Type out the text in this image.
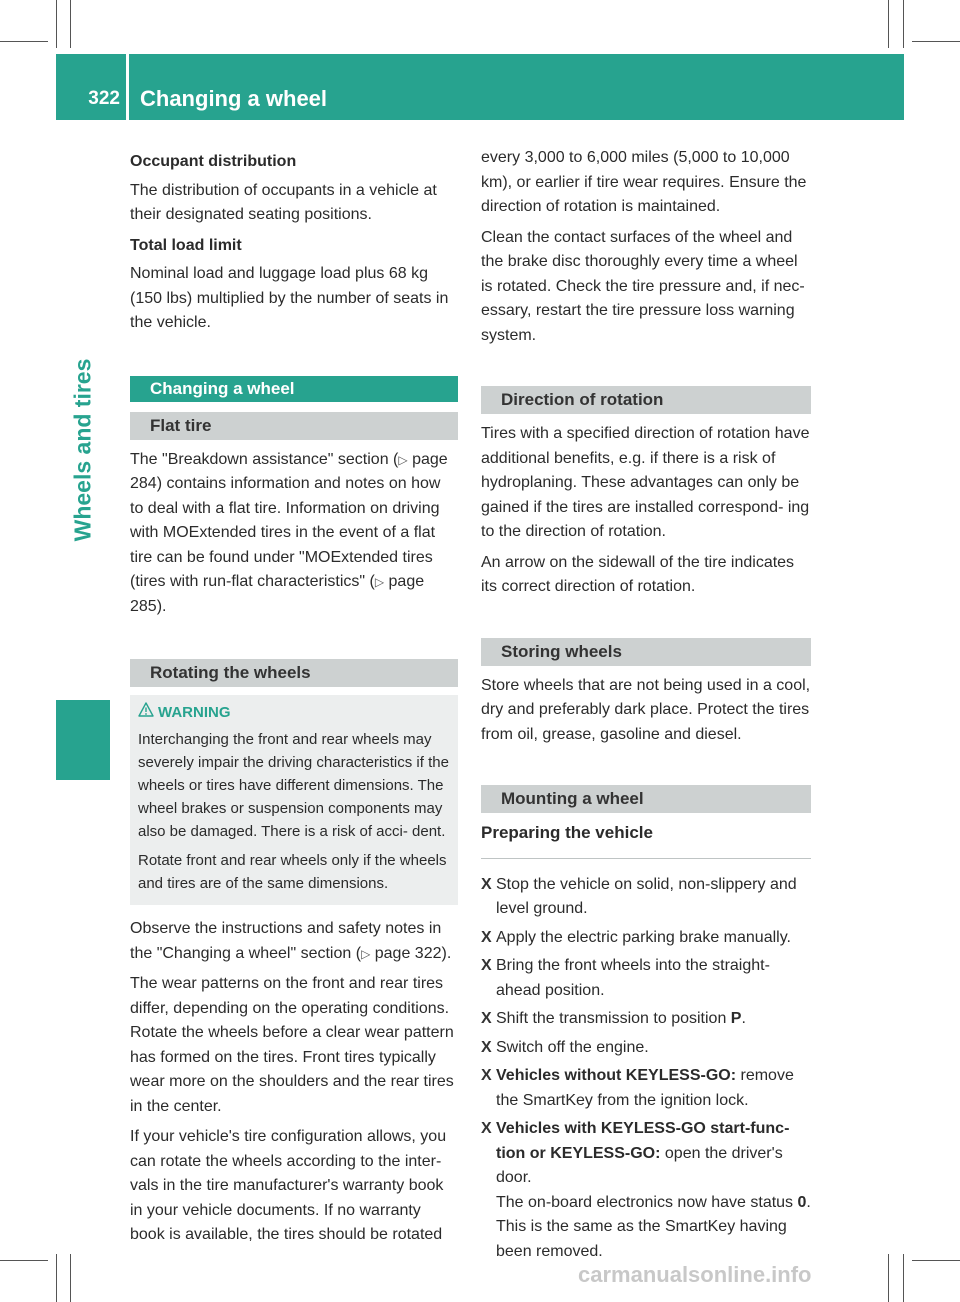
322 Changing a wheel
Wheels and tires

Occupant distribution

The distribution of occupants in a vehicle at their designated seating positions.

Total load limit

Nominal load and luggage load plus 68 kg (150 lbs) multiplied by the number of seats in the vehicle.

Changing a wheel
Flat tire

The "Breakdown assistance" section (▷ page 284) contains information and notes on how to deal with a flat tire. Information on driving with MOExtended tires in the event of a flat tire can be found under "MOExtended tires (tires with run-flat characteristics" (▷ page 285).

Rotating the wheels
WARNING

Interchanging the front and rear wheels may severely impair the driving characteristics if the wheels or tires have different dimensions. The wheel brakes or suspension components may also be damaged. There is a risk of acci- dent.

Rotate front and rear wheels only if the wheels and tires are of the same dimensions.

Observe the instructions and safety notes in the "Changing a wheel" section (▷ page 322).

The wear patterns on the front and rear tires differ, depending on the operating conditions. Rotate the wheels before a clear wear pattern has formed on the tires. Front tires typically wear more on the shoulders and the rear tires in the center.

If your vehicle's tire configuration allows, you can rotate the wheels according to the inter- vals in the tire manufacturer's warranty book in your vehicle documents. If no warranty book is available, the tires should be rotated

every 3,000 to 6,000 miles (5,000 to 10,000 km), or earlier if tire wear requires. Ensure the direction of rotation is maintained.

Clean the contact surfaces of the wheel and the brake disc thoroughly every time a wheel is rotated. Check the tire pressure and, if nec- essary, restart the tire pressure loss warning system.

Direction of rotation

Tires with a specified direction of rotation have additional benefits, e.g. if there is a risk of hydroplaning. These advantages can only be gained if the tires are installed correspond- ing to the direction of rotation.

An arrow on the sidewall of the tire indicates its correct direction of rotation.

Storing wheels

Store wheels that are not being used in a cool, dry and preferably dark place. Protect the tires from oil, grease, gasoline and diesel.

Mounting a wheel
Preparing the vehicle
X Stop the vehicle on solid, non-slippery and level ground.
X Apply the electric parking brake manually.
X Bring the front wheels into the straight- ahead position.
X Shift the transmission to position P.
X Switch off the engine.
X Vehicles without KEYLESS-GO: remove the SmartKey from the ignition lock.
X Vehicles with KEYLESS-GO start-func- tion or KEYLESS-GO: open the driver's door.
The on-board electronics now have status 0. This is the same as the SmartKey having been removed.
carmanualsonline.info
